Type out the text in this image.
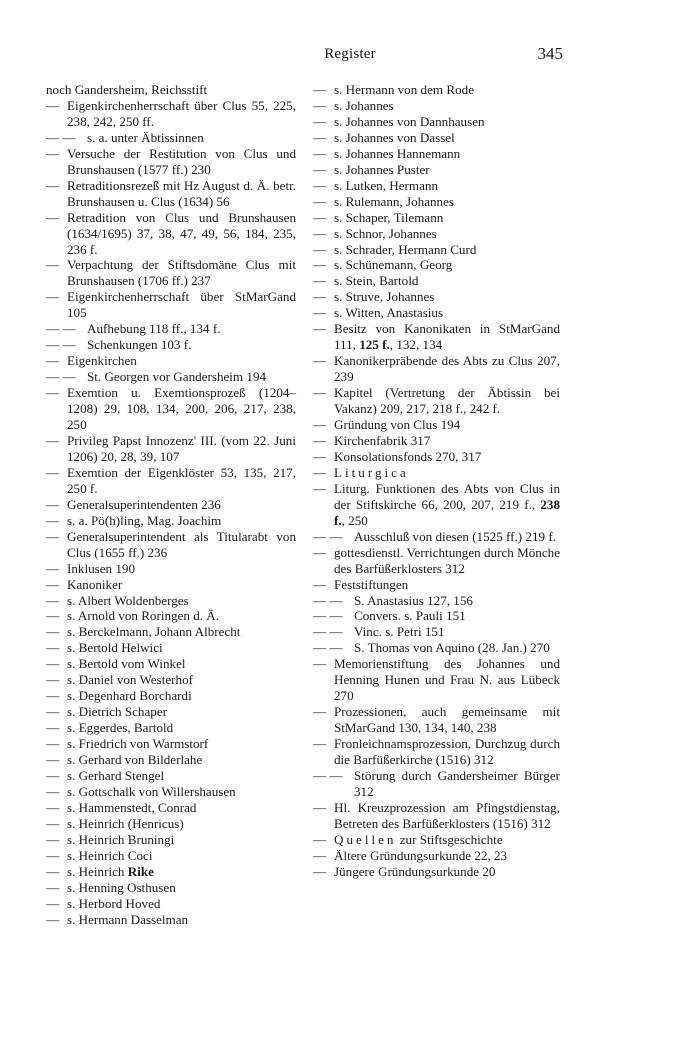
Register	345
noch Gandersheim, Reichsstift
— Eigenkirchenherrschaft über Clus 55, 225, 238, 242, 250 ff.
— — s. a. unter Äbtissinnen
— Versuche der Restitution von Clus und Brunshausen (1577 ff.) 230
— Retraditionsrezeß mit Hz August d. Ä. betr. Brunshausen u. Clus (1634) 56
— Retradition von Clus und Brunshausen (1634/1695) 37, 38, 47, 49, 56, 184, 235, 236 f.
— Verpachtung der Stiftsdomäne Clus mit Brunshausen (1706 ff.) 237
— Eigenkirchenherrschaft über StMarGand 105
— — Aufhebung 118 ff., 134 f.
— — Schenkungen 103 f.
— Eigenkirchen
— — St. Georgen vor Gandersheim 194
— Exemtion u. Exemtionsprozeß (1204–1208) 29, 108, 134, 200, 206, 217, 238, 250
— Privileg Papst Innozenz' III. (vom 22. Juni 1206) 20, 28, 39, 107
— Exemtion der Eigenklöster 53, 135, 217, 250 f.
— Generalsuperintendenten 236
— s. a. Pö(h)ling, Mag. Joachim
— Generalsuperintendent als Titularabt von Clus (1655 ff.) 236
— Inklusen 190
— Kanoniker
— s. Albert Woldenberges
— s. Arnold von Roringen d. Ä.
— s. Berckelmann, Johann Albrecht
— s. Bertold Helwici
— s. Bertold vom Winkel
— s. Daniel von Westerhof
— s. Degenhard Borchardi
— s. Dietrich Schaper
— s. Eggerdes, Bartold
— s. Friedrich von Warmstorf
— s. Gerhard von Bilderlahe
— s. Gerhard Stengel
— s. Gottschalk von Willershausen
— s. Hammenstedt, Conrad
— s. Heinrich (Henricus)
— s. Heinrich Bruningi
— s. Heinrich Coci
— s. Heinrich Rike
— s. Henning Osthusen
— s. Herbord Hoved
— s. Hermann Dasselman
— s. Hermann von dem Rode
— s. Johannes
— s. Johannes von Dannhausen
— s. Johannes von Dassel
— s. Johannes Hannemann
— s. Johannes Puster
— s. Lutken, Hermann
— s. Rulemann, Johannes
— s. Schaper, Tilemann
— s. Schnor, Johannes
— s. Schrader, Hermann Curd
— s. Schünemann, Georg
— s. Stein, Bartold
— s. Struve, Johannes
— s. Witten, Anastasius
— Besitz von Kanonikaten in StMarGand 111, 125 f., 132, 134
— Kanonikerpräbende des Abts zu Clus 207, 239
— Kapitel (Vertretung der Äbtissin bei Vakanz) 209, 217, 218 f., 242 f.
— Gründung von Clus 194
— Kirchenfabrik 317
— Konsolationsfonds 270, 317
— Liturgica
— Liturg. Funktionen des Abts von Clus in der Stiftskirche 66, 200, 207, 219 f., 238 f., 250
— — Ausschluß von diesen (1525 ff.) 219 f.
— gottesdienstl. Verrichtungen durch Mönche des Barfüßerklosters 312
— Feststiftungen
— — S. Anastasius 127, 156
— — Convers. s. Pauli 151
— — Vinc. s. Petri 151
— — S. Thomas von Aquino (28. Jan.) 270
— Memorienstiftung des Johannes und Henning Hunen und Frau N. aus Lübeck 270
— Prozessionen, auch gemeinsame mit StMarGand 130, 134, 140, 238
— Fronleichnamsprozession, Durchzug durch die Barfüßerkirche (1516) 312
— — Störung durch Gandersheimer Bürger 312
— Hl. Kreuzprozession am Pfingstdienstag, Betreten des Barfüßerklosters (1516) 312
— Quellen zur Stiftsgeschichte
— Ältere Gründungsurkunde 22, 23
— Jüngere Gründungsurkunde 20
